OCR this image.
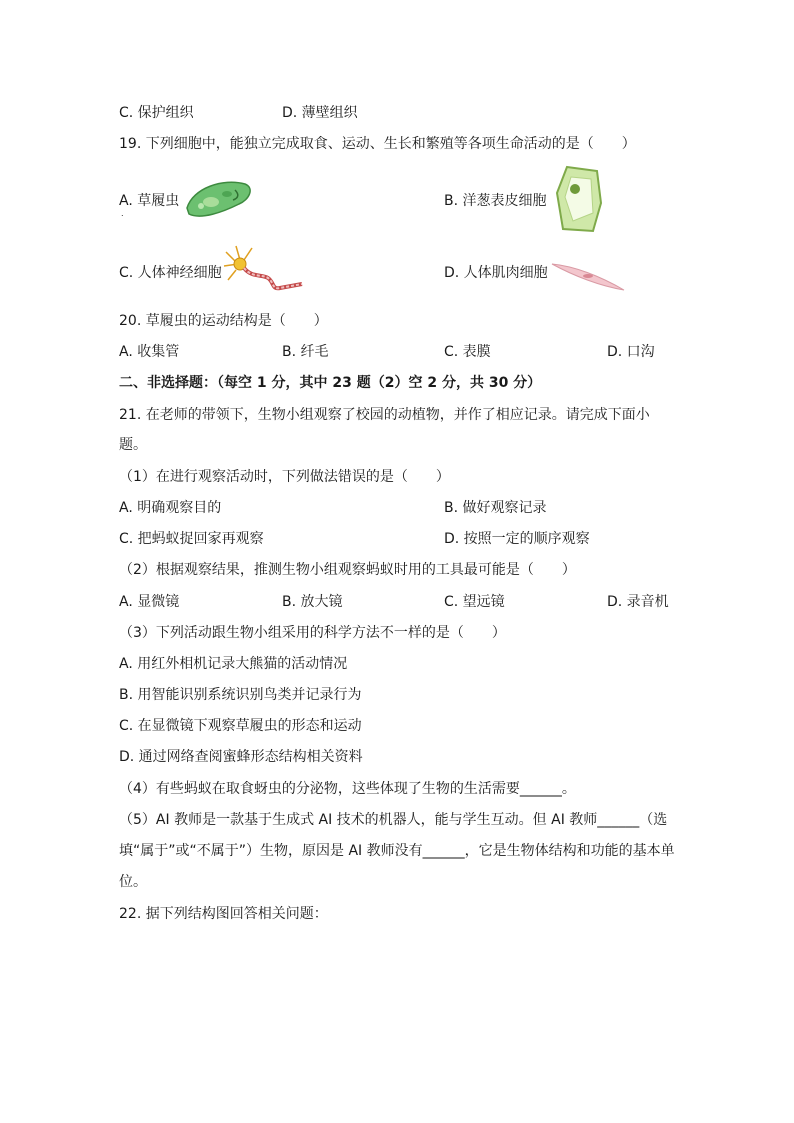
C. 保护组织	D. 薄壁组织
19. 下列细胞中，能独立完成取食、运动、生长和繁殖等各项生命活动的是（　　）
A. 草履虫
.
B. 洋葱表皮细胞
C. 人体神经细胞	D. 人体肌肉细胞
20. 草履虫的运动结构是（　　）
A. 收集管	B. 纤毛	C. 表膜	D. 口沟
二、非选择题：（每空 1 分，其中 23 题（2）空 2 分，共 30 分）
21. 在老师的带领下，生物小组观察了校园的动植物，并作了相应记录。请完成下面小
题。
（1）在进行观察活动时，下列做法错误的是（　　）
A. 明确观察目的	B. 做好观察记录
C. 把蚂蚁捉回家再观察	D. 按照一定的顺序观察
（2）根据观察结果，推测生物小组观察蚂蚁时用的工具最可能是（　　）
A. 显微镜	B. 放大镜	C. 望远镜	D. 录音机
（3）下列活动跟生物小组采用的科学方法不一样的是（　　）
A. 用红外相机记录大熊猫的活动情况
B. 用智能识别系统识别鸟类并记录行为
C. 在显微镜下观察草履虫的形态和运动
D. 通过网络查阅蜜蜂形态结构相关资料
（4）有些蚂蚁在取食蚜虫的分泌物，这些体现了生物的生活需要______。
（5）AI 教师是一款基于生成式 AI 技术的机器人，能与学生互动。但 AI 教师______（选
填“属于”或“不属于”）生物，原因是 AI 教师没有______，它是生物体结构和功能的基本单
位。
22. 据下列结构图回答相关问题：
